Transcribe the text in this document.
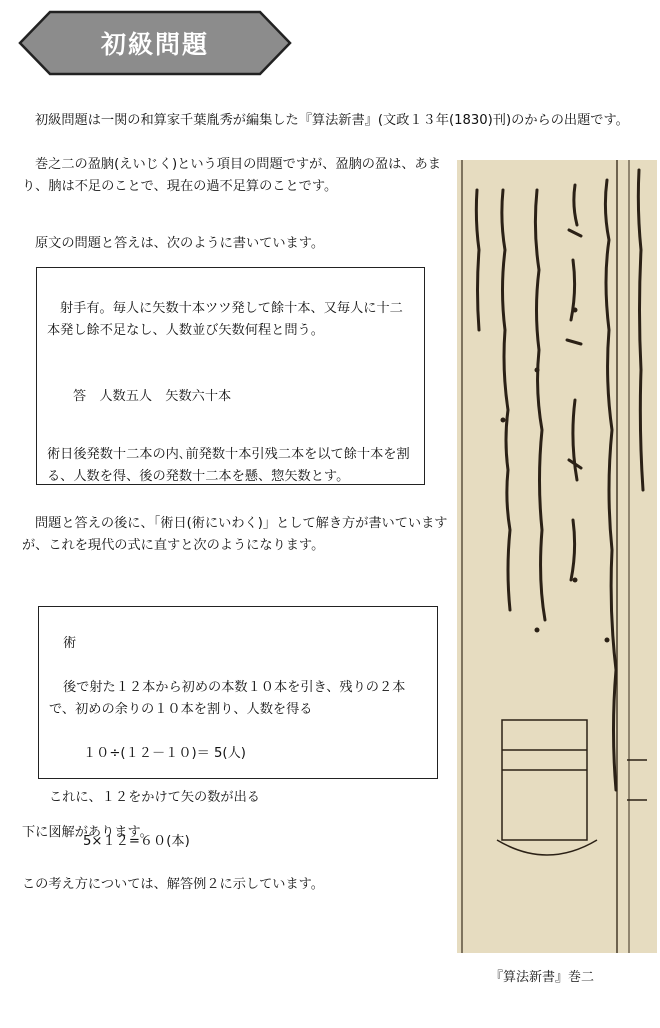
初級問題

初級問題は一関の和算家千葉胤秀が編集した『算法新書』(文政１３年(1830)刊)のからの出題です。

巻之二の盈朒(えいじく)という項目の問題ですが、盈朒の盈は、あまり、朒は不足のことで、現在の過不足算のことです。

原文の問題と答えは、次のように書いています。

射手有。毎人に矢数十本ツツ発して餘十本、又毎人に十二本発し餘不足なし、人数並び矢数何程と問う。

答　人数五人　矢数六十本

術日後発数十二本の内､前発数十本引残二本を以て餘十本を割る、人数を得、後の発数十二本を懸、惣矢数とす。

問題と答えの後に、「術日(術にいわく)」として解き方が書いていますが、これを現代の式に直すと次のようになります。

術

後で射た１２本から初めの本数１０本を引き、残りの２本で、初めの余りの１０本を割り、人数を得る

１０÷(１２－１０)＝ 5(人)

これに、１２をかけて矢の数が出る

5×１２=６０(本)

下に図解があります。

この考え方については、解答例２に示しています。

『算法新書』巻二
